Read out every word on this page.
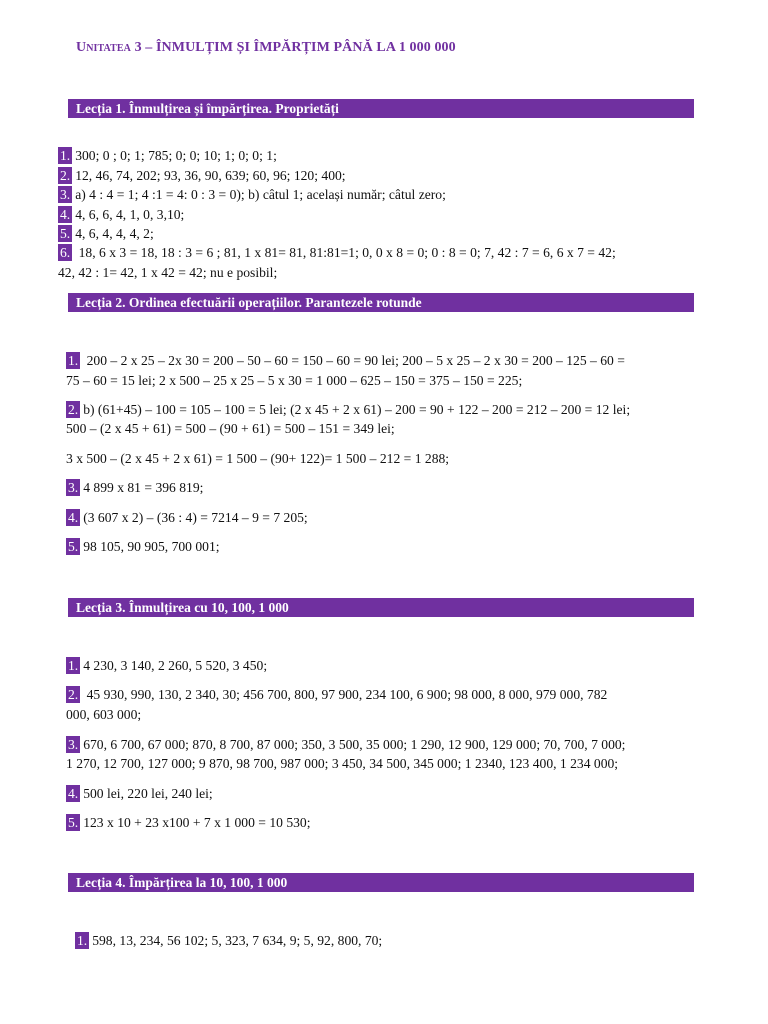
Unitatea 3 – ÎNMULȚIM ȘI ÎMPĂRȚIM PÂNĂ LA 1 000 000
Lecția 1. Înmulțirea și împărțirea. Proprietăți
1. 300; 0 ; 0; 1; 785; 0; 0; 10; 1; 0; 0; 1;
2. 12, 46, 74, 202; 93, 36, 90, 639; 60, 96; 120; 400;
3. a) 4 : 4 = 1; 4 :1 = 4: 0 : 3 = 0); b) câtul 1; același număr; câtul zero;
4. 4, 6, 6, 4, 1, 0, 3,10;
5. 4, 6, 4, 4, 4, 2;
6. 18, 6 x 3 = 18, 18 : 3 = 6 ; 81, 1 x 81= 81, 81:81=1; 0, 0 x 8 = 0; 0 : 8 = 0; 7, 42 : 7 = 6, 6 x 7 = 42;
42, 42 : 1= 42, 1 x 42 = 42; nu e posibil;
Lecția 2. Ordinea efectuării operațiilor. Parantezele rotunde
1. 200 – 2 x 25 – 2x 30 = 200 – 50 – 60 = 150 – 60 = 90 lei; 200 – 5 x 25 – 2 x 30 = 200 – 125 – 60 =
75 – 60 = 15 lei; 2 x 500 – 25 x 25 – 5 x 30 = 1 000 – 625 – 150 = 375 – 150 = 225;
2. b) (61+45) – 100 = 105 – 100 = 5 lei; (2 x 45 + 2 x 61) – 200 = 90 + 122 – 200 = 212 – 200 = 12 lei;
500 – (2 x 45 + 61) = 500 – (90 + 61) = 500 – 151 = 349 lei;
3 x 500 – (2 x 45 + 2 x 61) = 1 500 – (90+ 122)= 1 500 – 212 = 1 288;
3. 4 899 x 81 = 396 819;
4. (3 607 x 2) – (36 : 4) = 7214 – 9 = 7 205;
5. 98 105, 90 905, 700 001;
Lecția 3. Înmulțirea cu 10, 100, 1 000
1. 4 230, 3 140, 2 260, 5 520, 3 450;
2. 45 930, 990, 130, 2 340, 30; 456 700, 800, 97 900, 234 100, 6 900; 98 000, 8 000, 979 000, 782
000, 603 000;
3. 670, 6 700, 67 000; 870, 8 700, 87 000; 350, 3 500, 35 000; 1 290, 12 900, 129 000; 70, 700, 7 000;
1 270, 12 700, 127 000; 9 870, 98 700, 987 000; 3 450, 34 500, 345 000; 1 2340, 123 400, 1 234 000;
4. 500 lei, 220 lei, 240 lei;
5. 123 x 10 + 23 x100 + 7 x 1 000 = 10 530;
Lecția 4. Împărțirea la 10, 100, 1 000
1. 598, 13, 234, 56 102; 5, 323, 7 634, 9; 5, 92, 800, 70;
